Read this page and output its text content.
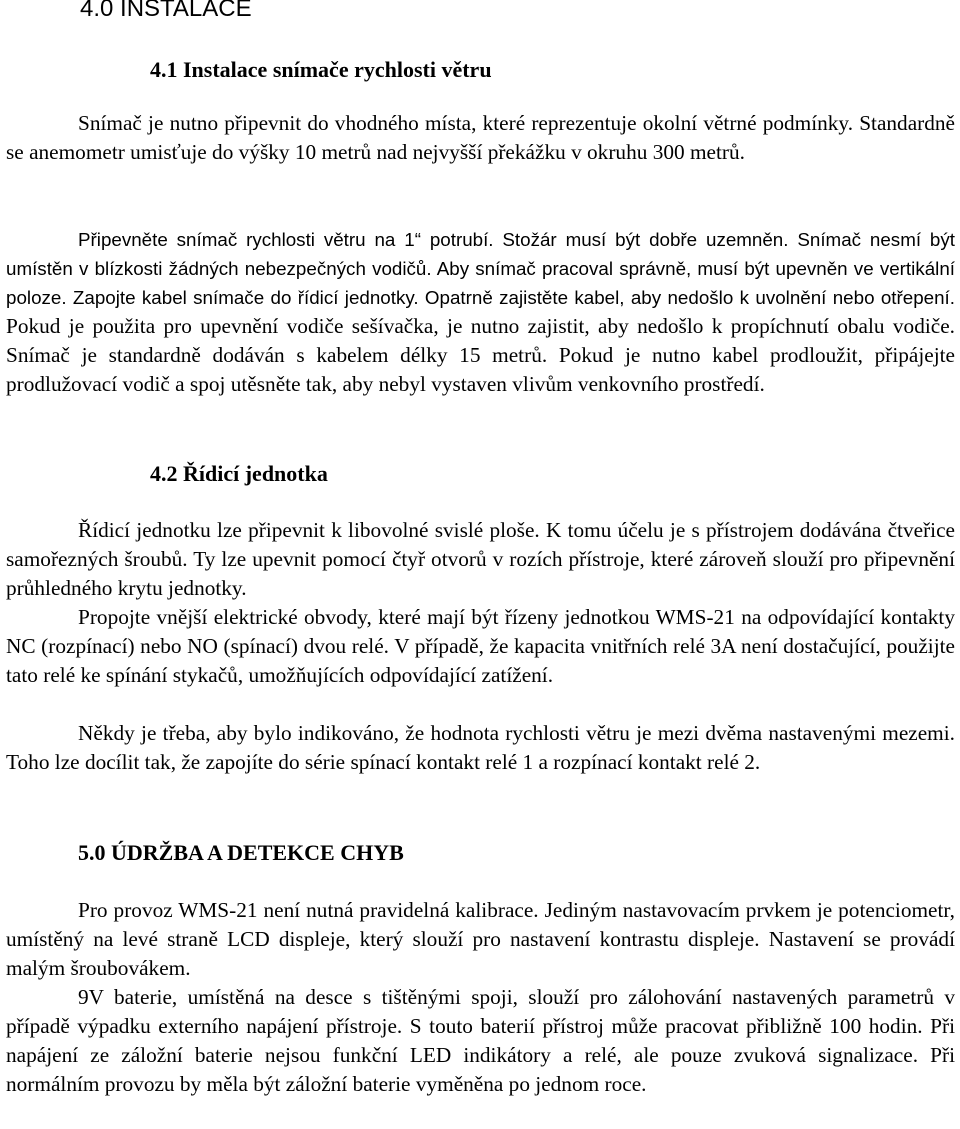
4.0 INSTALACE
4.1 Instalace snímače rychlosti větru

Snímač je nutno připevnit do vhodného místa, které reprezentuje okolní větrné podmínky. Standardně se anemometr umisťuje do výšky 10 metrů nad nejvyšší překážku v okruhu 300 metrů.

Připevněte snímač rychlosti větru na 1“ potrubí. Stožár musí být dobře uzemněn. Snímač nesmí být umístěn v blízkosti žádných nebezpečných vodičů. Aby snímač pracoval správně, musí být upevněn ve vertikální poloze. Zapojte kabel snímače do řídicí jednotky. Opatrně zajistěte kabel, aby nedošlo k uvolnění nebo otřepení. Pokud je použita pro upevnění vodiče sešívačka, je nutno zajistit, aby nedošlo k propíchnutí obalu vodiče. Snímač je standardně dodáván s kabelem délky 15 metrů. Pokud je nutno kabel prodloužit, připájejte prodlužovací vodič a spoj utěsněte tak, aby nebyl vystaven vlivům venkovního prostředí.

4.2 Řídicí jednotka

Řídicí jednotku lze připevnit k libovolné svislé ploše. K tomu účelu je s přístrojem dodávána čtveřice samořezných šroubů. Ty lze upevnit pomocí čtyř otvorů v rozích přístroje, které zároveň slouží pro připevnění průhledného krytu jednotky.

Propojte vnější elektrické obvody, které mají být řízeny jednotkou WMS-21 na odpovídající kontakty NC (rozpínací) nebo NO (spínací) dvou relé. V případě, že kapacita vnitřních relé 3A není dostačující, použijte tato relé ke spínání stykačů, umožňujících odpovídající zatížení.

Někdy je třeba, aby bylo indikováno, že hodnota rychlosti větru je mezi dvěma nastavenými mezemi. Toho lze docílit tak, že zapojíte do série spínací kontakt relé 1 a rozpínací kontakt relé 2.

5.0 ÚDRŽBA A DETEKCE CHYB

Pro provoz WMS-21 není nutná pravidelná kalibrace. Jediným nastavovacím prvkem je potenciometr, umístěný na levé straně LCD displeje, který slouží pro nastavení kontrastu displeje. Nastavení se provádí malým šroubovákem.

9V baterie, umístěná na desce s tištěnými spoji, slouží pro zálohování nastavených parametrů v případě výpadku externího napájení přístroje. S touto baterií přístroj může pracovat přibližně 100 hodin. Při napájení ze záložní baterie nejsou funkční LED indikátory a relé, ale pouze zvuková signalizace. Při normálním provozu by měla být záložní baterie vyměněna po jednom roce.
